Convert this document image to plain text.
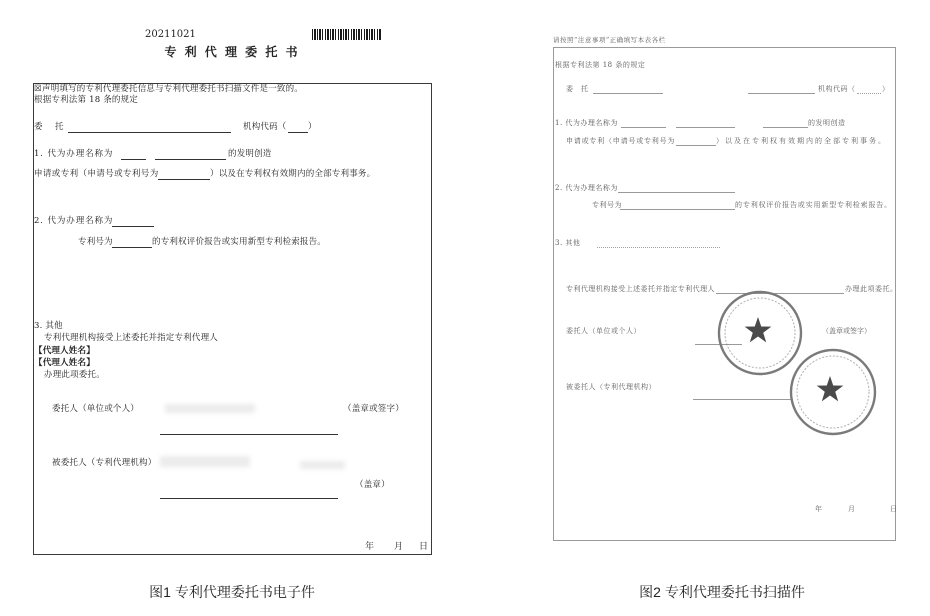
20211021
专 利 代 理 委 托 书
☒ 声明填写的专利代理委托信息与专利代理委托书扫描文件是一致的。
根据专利法第 18 条的规定
委　托	机构代码（	）
1. 代为办理名称为	的发明创造
申请或专利（申请号或专利号为	）以及在专利权有效期内的全部专利事务。
2. 代为办理名称为
专利号为	的专利权评价报告或实用新型专利检索报告。
3. 其他
专利代理机构接受上述委托并指定专利代理人
【代理人姓名】
【代理人姓名】
办理此项委托。
委托人（单位或个人）	（盖章或签字）
被委托人（专利代理机构）
（盖章）
年 月 日
图1 专利代理委托书电子件
请按照“注意事项”正确填写本表各栏
根据专利法第 18 条的规定
委　托	机构代码（	）
1. 代为办理名称为	的发明创造
申请或专利（申请号或专利号为	）以及在专利权有效期内的全部专利事务。
2. 代为办理名称为
专利号为	的专利权评价报告或实用新型专利检索报告。
3. 其他
专利代理机构接受上述委托并指定专利代理人	办理此项委托。
委托人（单位或个人）	（盖章或签字）
被委托人（专利代理机构）
年	月	日
图2 专利代理委托书扫描件
